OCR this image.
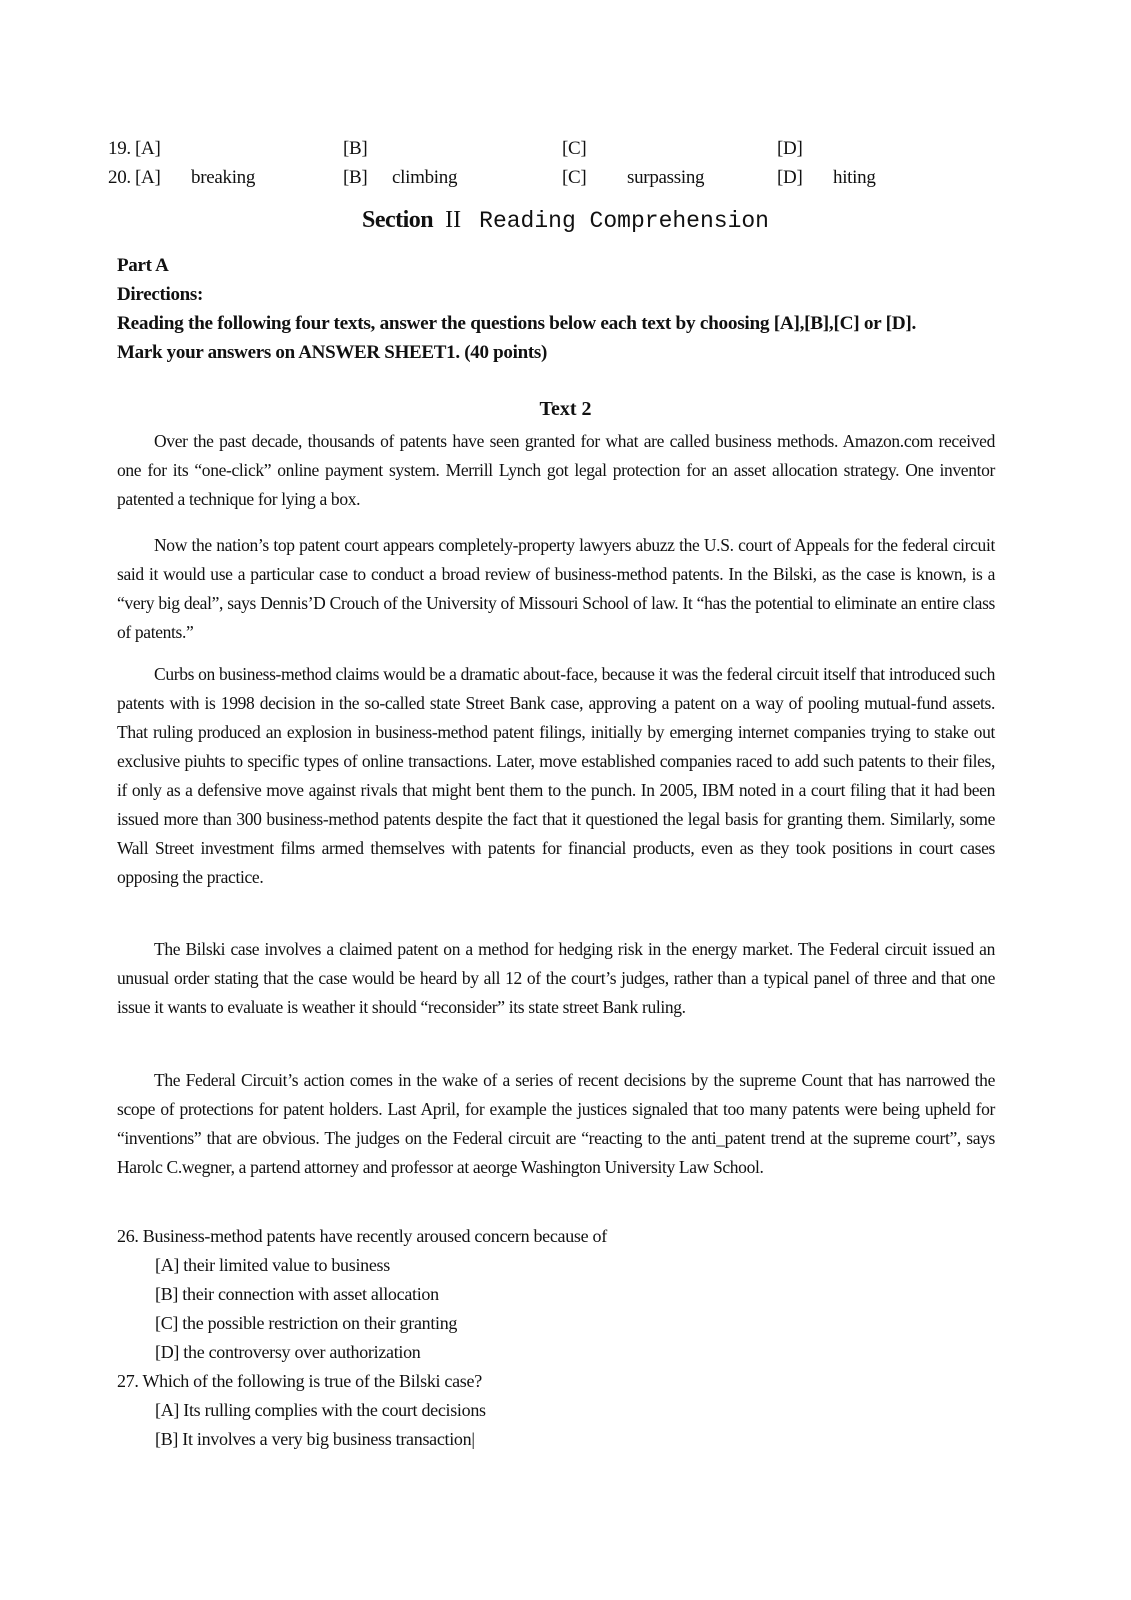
19. [A]	[B]	[C]	[D]
20. [A] breaking	[B] climbing	[C] surpassing	[D] hiting
Section II Reading Comprehension
Part A
Directions:
Reading the following four texts, answer the questions below each text by choosing [A],[B],[C] or [D].
Mark your answers on ANSWER SHEET1. (40 points)
Text 2

Over the past decade, thousands of patents have seen granted for what are called business methods. Amazon.com received one for its “one-click” online payment system. Merrill Lynch got legal protection for an asset allocation strategy. One inventor patented a technique for lying a box.

Now the nation’s top patent court appears completely-property lawyers abuzz the U.S. court of Appeals for the federal circuit said it would use a particular case to conduct a broad review of business-method patents. In the Bilski, as the case is known, is a “very big deal”, says Dennis’D Crouch of the University of Missouri School of law. It “has the potential to eliminate an entire class of patents.”

Curbs on business-method claims would be a dramatic about-face, because it was the federal circuit itself that introduced such patents with is 1998 decision in the so-called state Street Bank case, approving a patent on a way of pooling mutual-fund assets. That ruling produced an explosion in business-method patent filings, initially by emerging internet companies trying to stake out exclusive piuhts to specific types of online transactions. Later, move established companies raced to add such patents to their files, if only as a defensive move against rivals that might bent them to the punch. In 2005, IBM noted in a court filing that it had been issued more than 300 business-method patents despite the fact that it questioned the legal basis for granting them. Similarly, some Wall Street investment films armed themselves with patents for financial products, even as they took positions in court cases opposing the practice.

The Bilski case involves a claimed patent on a method for hedging risk in the energy market. The Federal circuit issued an unusual order stating that the case would be heard by all 12 of the court’s judges, rather than a typical panel of three and that one issue it wants to evaluate is weather it should “reconsider” its state street Bank ruling.

The Federal Circuit’s action comes in the wake of a series of recent decisions by the supreme Count that has narrowed the scope of protections for patent holders. Last April, for example the justices signaled that too many patents were being upheld for “inventions” that are obvious. The judges on the Federal circuit are “reacting to the anti_patent trend at the supreme court”, says Harolc C.wegner, a partend attorney and professor at aeorge Washington University Law School.

26. Business-method patents have recently aroused concern because of
[A] their limited value to business
[B] their connection with asset allocation
[C] the possible restriction on their granting
[D] the controversy over authorization
27. Which of the following is true of the Bilski case?
[A] Its rulling complies with the court decisions
[B] It involves a very big business transaction|
